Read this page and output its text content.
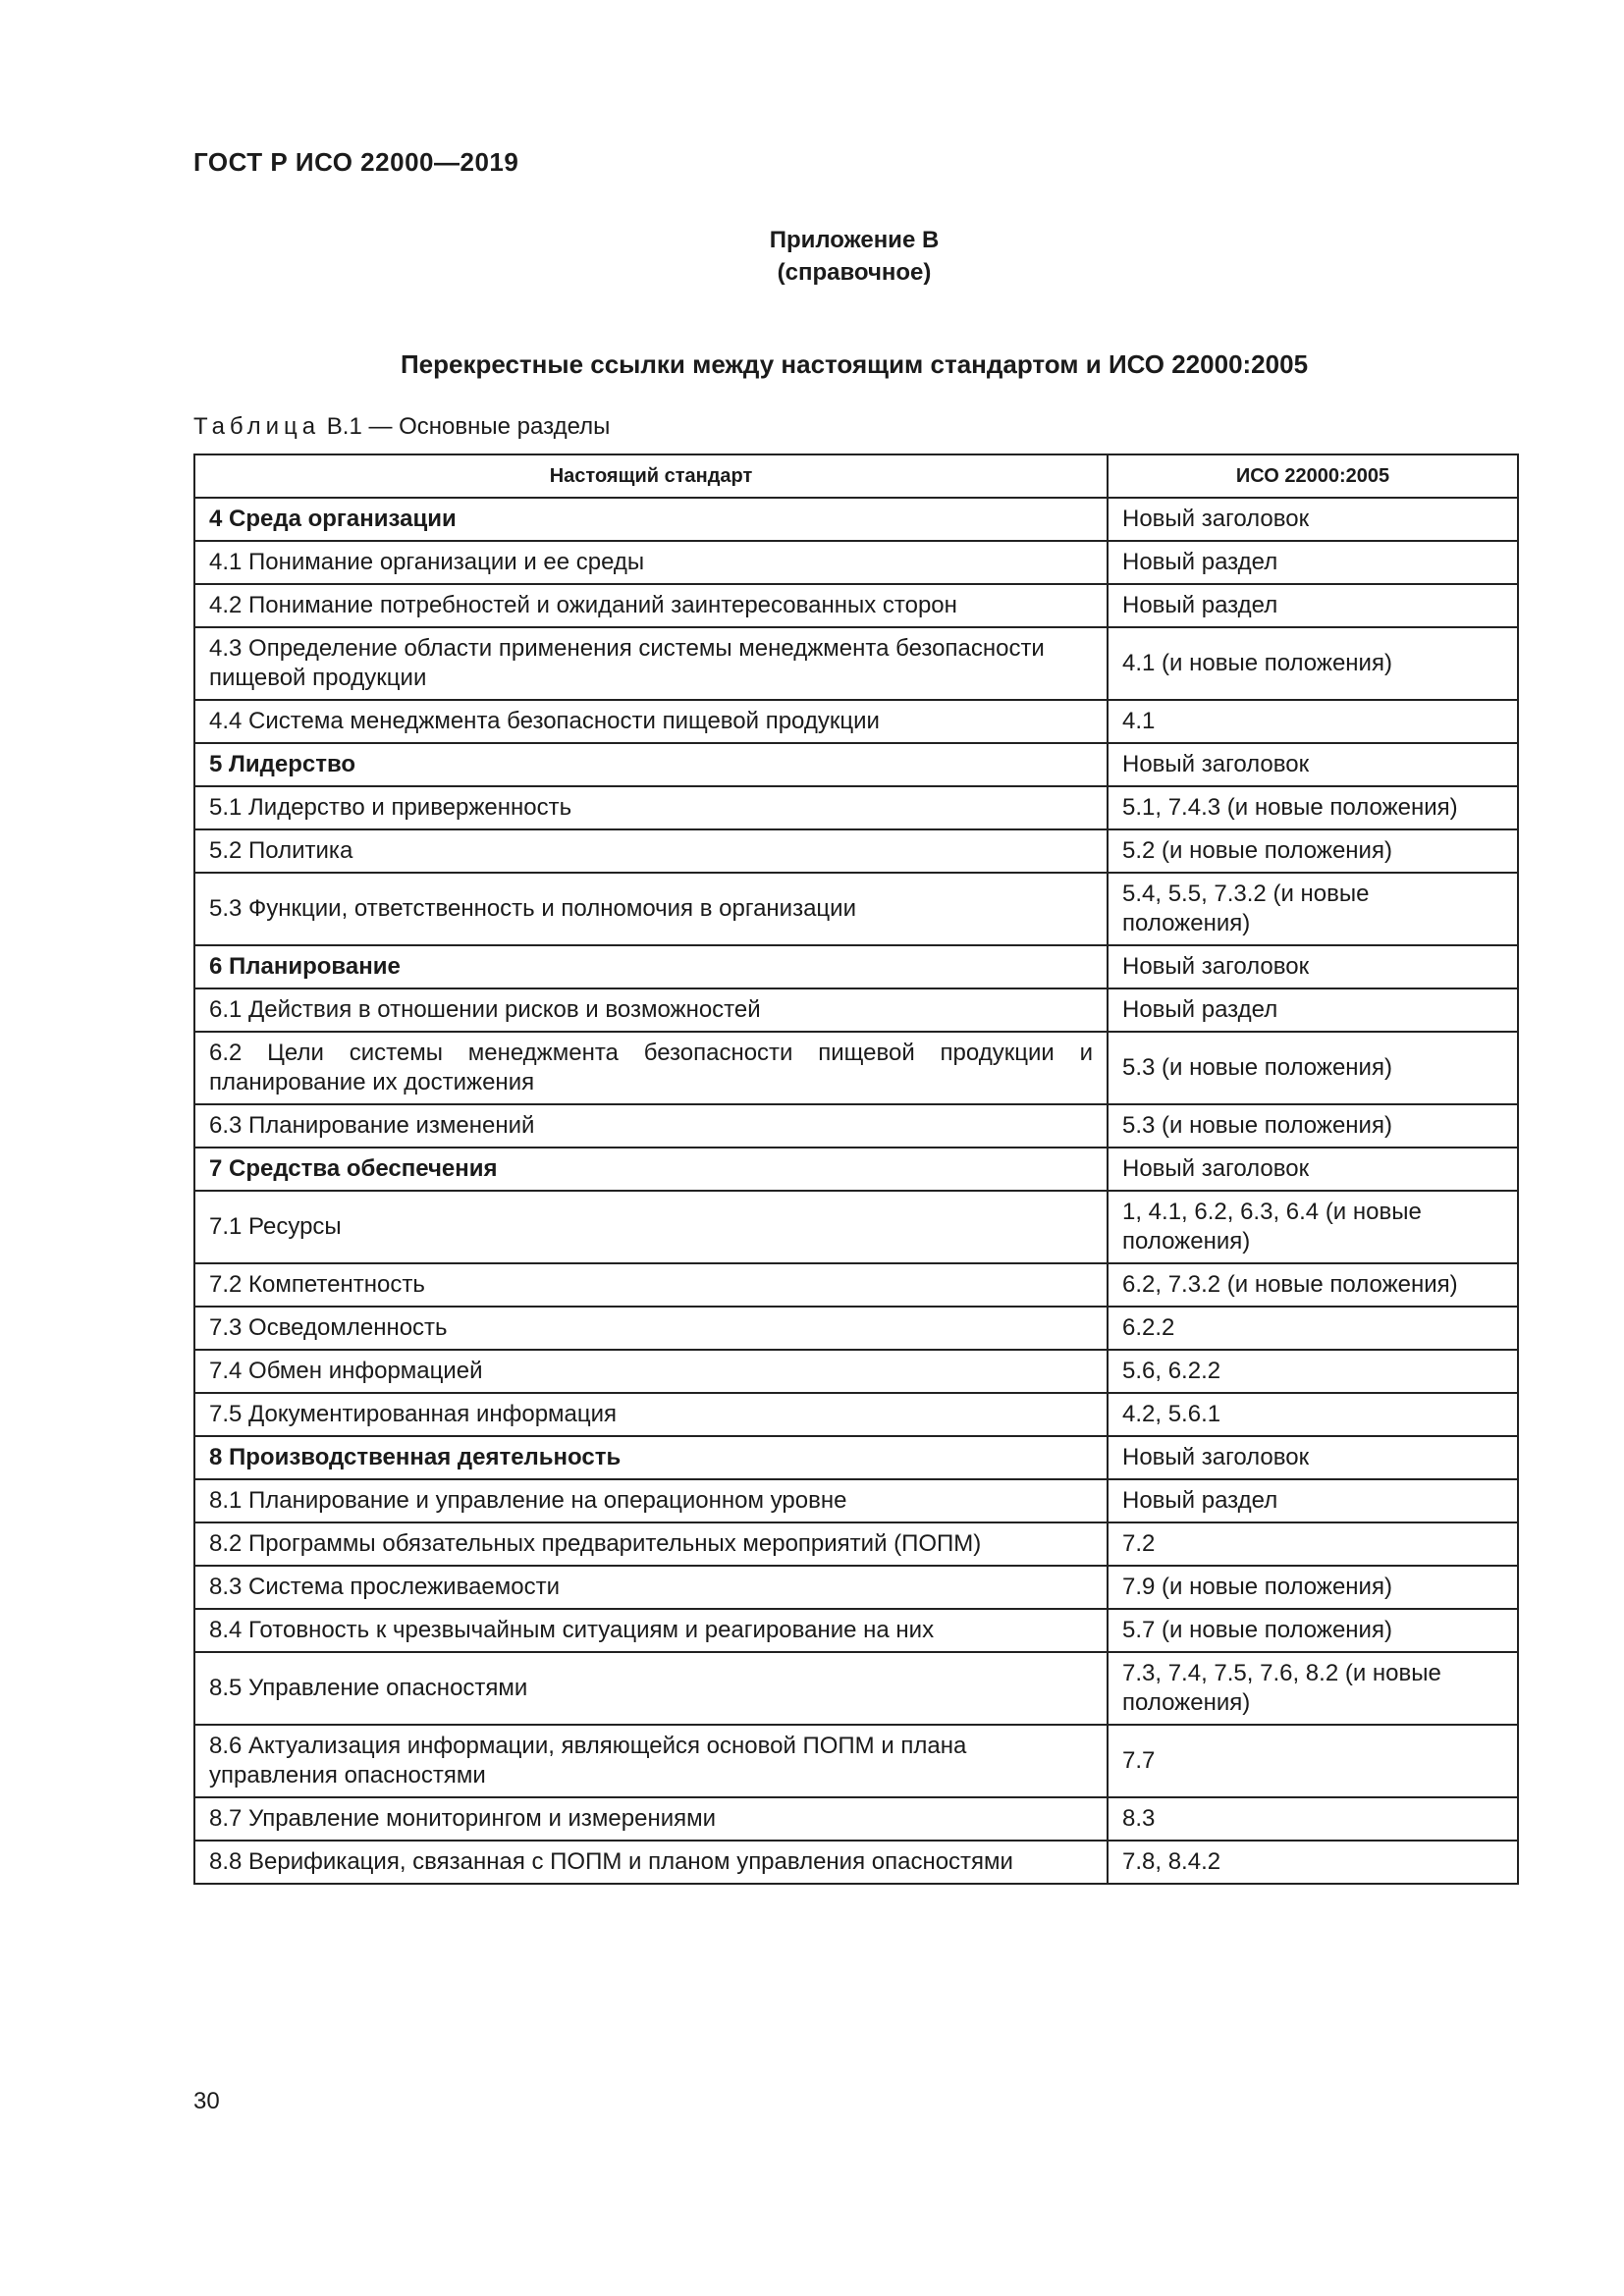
ГОСТ Р ИСО 22000—2019
Приложение В
(справочное)
Перекрестные ссылки между настоящим стандартом и ИСО 22000:2005
Таблица В.1 — Основные разделы
Настоящий стандарт	ИСО 22000:2005
4 Среда организации	Новый заголовок
4.1 Понимание организации и ее среды	Новый раздел
4.2 Понимание потребностей и ожиданий заинтересованных сторон	Новый раздел
4.3 Определение области применения системы менеджмента безопасности пищевой продукции	4.1 (и новые положения)
4.4 Система менеджмента безопасности пищевой продукции	4.1
5 Лидерство	Новый заголовок
5.1 Лидерство и приверженность	5.1, 7.4.3 (и новые положения)
5.2 Политика	5.2 (и новые положения)
5.3 Функции, ответственность и полномочия в организации	5.4, 5.5, 7.3.2 (и новые положения)
6 Планирование	Новый заголовок
6.1 Действия в отношении рисков и возможностей	Новый раздел
6.2 Цели системы менеджмента безопасности пищевой продукции и планирование их достижения	5.3 (и новые положения)
6.3 Планирование изменений	5.3 (и новые положения)
7 Средства обеспечения	Новый заголовок
7.1 Ресурсы	1, 4.1, 6.2, 6.3, 6.4 (и новые положения)
7.2 Компетентность	6.2, 7.3.2 (и новые положения)
7.3 Осведомленность	6.2.2
7.4 Обмен информацией	5.6, 6.2.2
7.5 Документированная информация	4.2, 5.6.1
8 Производственная деятельность	Новый заголовок
8.1 Планирование и управление на операционном уровне	Новый раздел
8.2 Программы обязательных предварительных мероприятий (ПОПМ)	7.2
8.3 Система прослеживаемости	7.9 (и новые положения)
8.4 Готовность к чрезвычайным ситуациям и реагирование на них	5.7 (и новые положения)
8.5 Управление опасностями	7.3, 7.4, 7.5, 7.6, 8.2 (и новые положения)
8.6 Актуализация информации, являющейся основой ПОПМ и плана управления опасностями	7.7
8.7 Управление мониторингом и измерениями	8.3
8.8 Верификация, связанная с ПОПМ и планом управления опасностями	7.8, 8.4.2
30
